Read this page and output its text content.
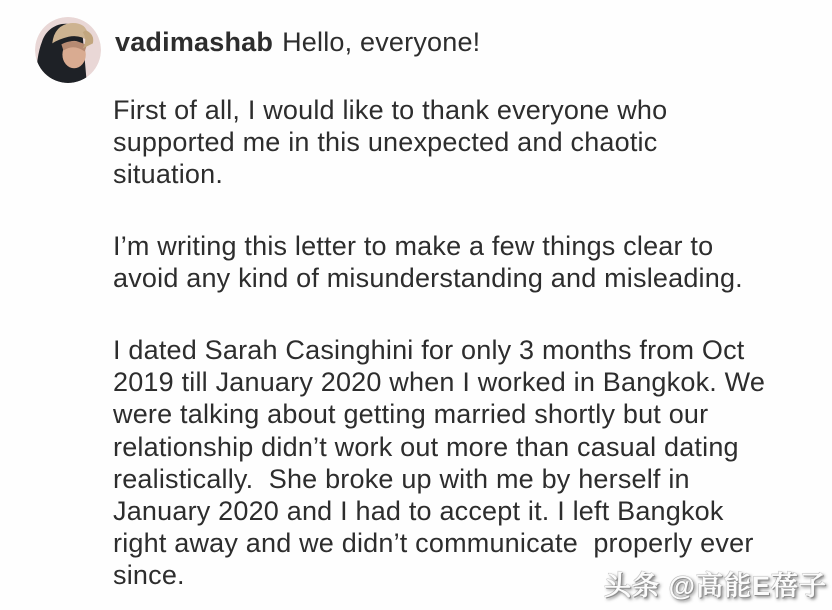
vadimashab Hello, everyone!
First of all, I would like to thank everyone who
supported me in this unexpected and chaotic
situation.
I’m writing this letter to make a few things clear to
avoid any kind of misunderstanding and misleading.
I dated Sarah Casinghini for only 3 months from Oct
2019 till January 2020 when I worked in Bangkok. We
were talking about getting married shortly but our
relationship didn’t work out more than casual dating
realistically.  She broke up with me by herself in
January 2020 and I had to accept it. I left Bangkok
right away and we didn’t communicate  properly ever
since.	头条 @高能E蓓子
